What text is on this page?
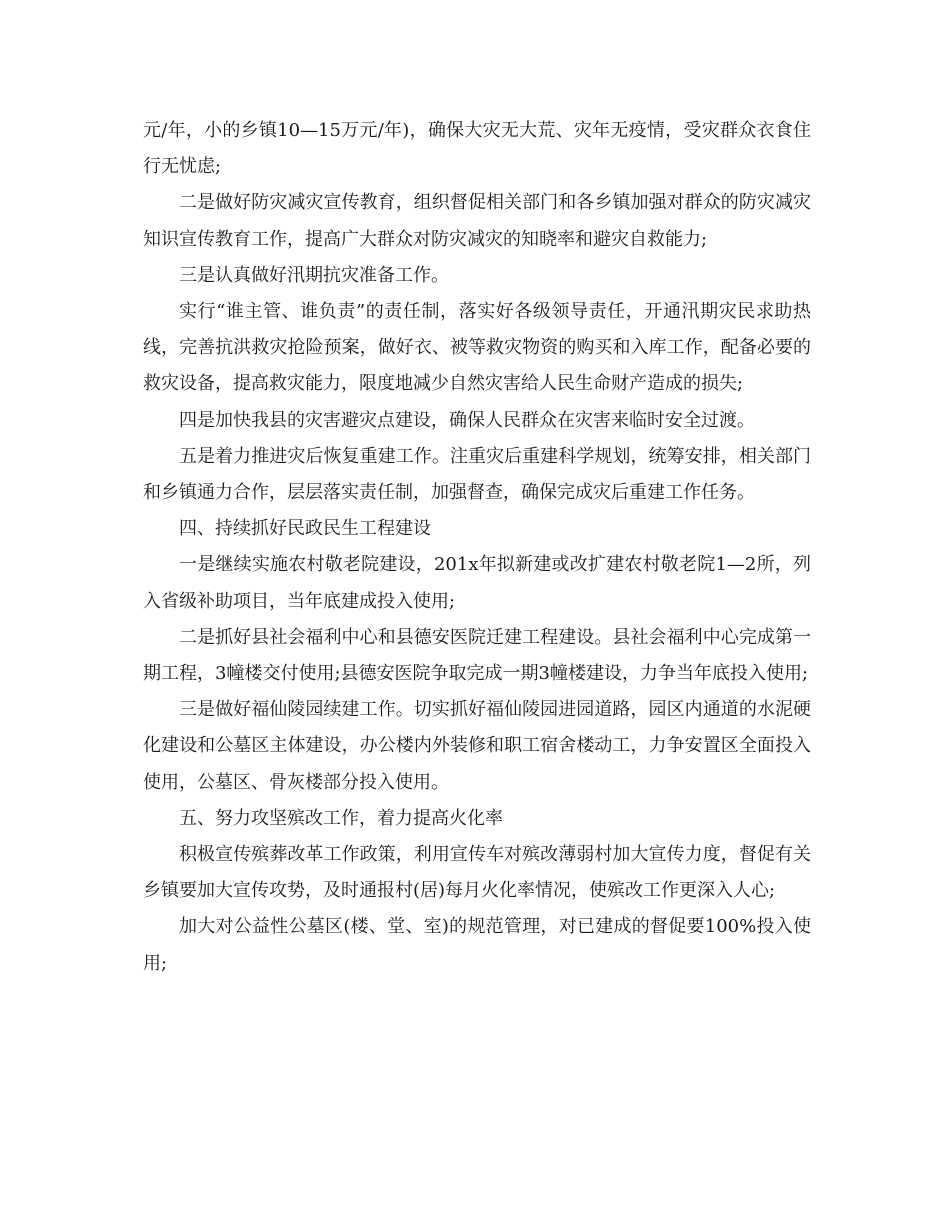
元/年，小的乡镇10—15万元/年)，确保大灾无大荒、灾年无疫情，受灾群众衣食住行无忧虑;

二是做好防灾减灾宣传教育，组织督促相关部门和各乡镇加强对群众的防灾减灾知识宣传教育工作，提高广大群众对防灾减灾的知晓率和避灾自救能力;

三是认真做好汛期抗灾准备工作。

实行“谁主管、谁负责”的责任制，落实好各级领导责任，开通汛期灾民求助热线，完善抗洪救灾抢险预案，做好衣、被等救灾物资的购买和入库工作，配备必要的救灾设备，提高救灾能力，限度地减少自然灾害给人民生命财产造成的损失;

四是加快我县的灾害避灾点建设，确保人民群众在灾害来临时安全过渡。

五是着力推进灾后恢复重建工作。注重灾后重建科学规划，统筹安排，相关部门和乡镇通力合作，层层落实责任制，加强督查，确保完成灾后重建工作任务。

四、持续抓好民政民生工程建设

一是继续实施农村敬老院建设，201x年拟新建或改扩建农村敬老院1—2所，列入省级补助项目，当年底建成投入使用;

二是抓好县社会福利中心和县德安医院迁建工程建设。县社会福利中心完成第一期工程，3幢楼交付使用;县德安医院争取完成一期3幢楼建设，力争当年底投入使用;

三是做好福仙陵园续建工作。切实抓好福仙陵园进园道路，园区内通道的水泥硬化建设和公墓区主体建设，办公楼内外装修和职工宿舍楼动工，力争安置区全面投入使用，公墓区、骨灰楼部分投入使用。

五、努力攻坚殡改工作，着力提高火化率

积极宣传殡葬改革工作政策，利用宣传车对殡改薄弱村加大宣传力度，督促有关乡镇要加大宣传攻势，及时通报村(居)每月火化率情况，使殡改工作更深入人心;

加大对公益性公墓区(楼、堂、室)的规范管理，对已建成的督促要100%投入使用;
